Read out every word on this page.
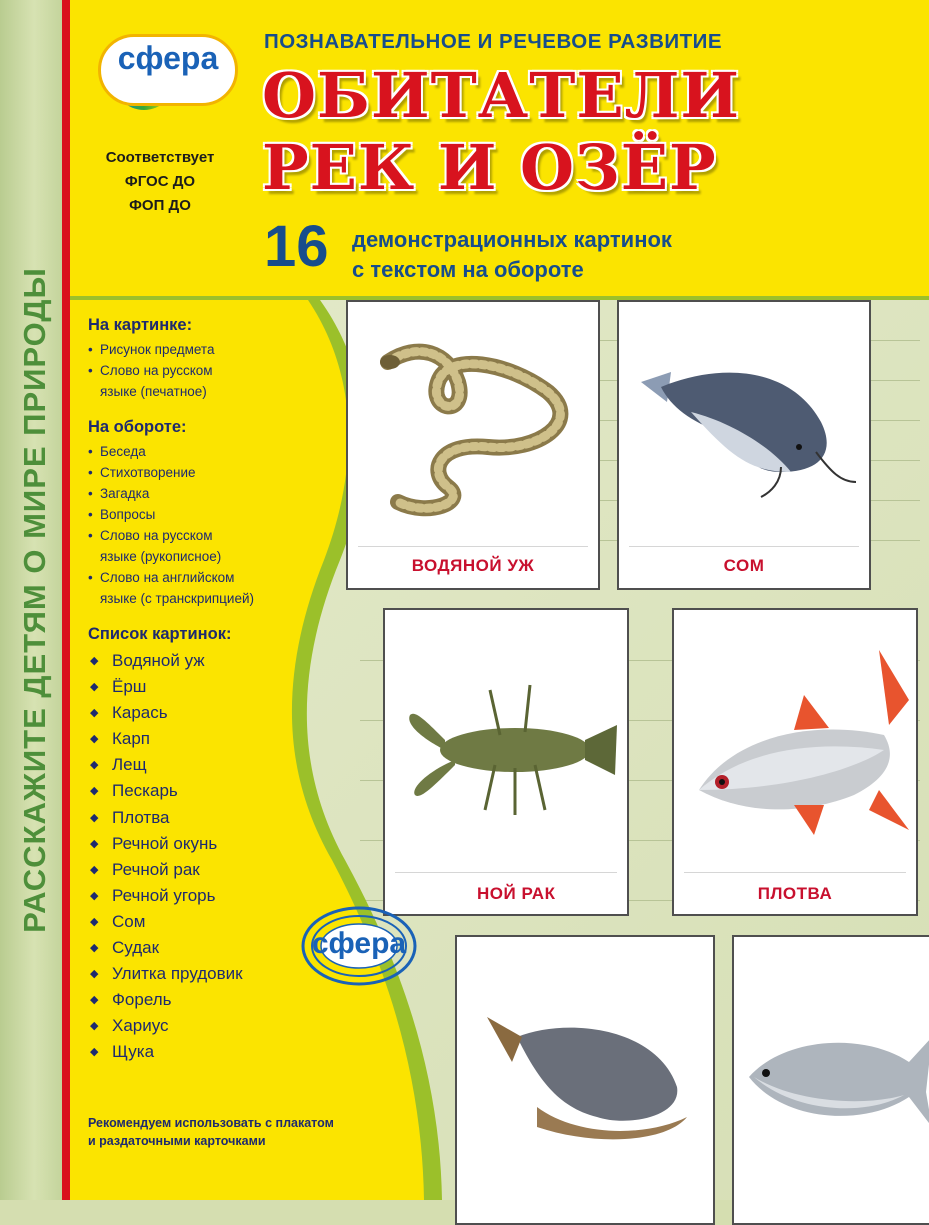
РАССКАЖИТЕ ДЕТЯМ О МИРЕ ПРИРОДЫ
сфера
КАРТИНОК
Соответствует
ФГОС ДО
ФОП ДО
ПОЗНАВАТЕЛЬНОЕ И РЕЧЕВОЕ РАЗВИТИЕ
ОБИТАТЕЛИ
РЕК И ОЗЁР
16 демонстрационных картинок
с текстом на обороте
На картинке:
• Рисунок предмета
• Слово на русском
языке (печатное)
На обороте:
• Беседа
• Стихотворение
• Загадка
• Вопросы
• Слово на русском
языке (рукописное)
• Слово на английском
языке (с транскрипцией)
Список картинок:
◆ Водяной уж
◆ Ёрш
◆ Карась
◆ Карп
◆ Лещ
◆ Пескарь
◆ Плотва
◆ Речной окунь
◆ Речной рак
◆ Речной угорь
◆ Сом
◆ Судак
◆ Улитка прудовик
◆ Форель
◆ Хариус
◆ Щука
Рекомендуем использовать с плакатом
и раздаточными карточками
ВОДЯНОЙ УЖ	СОМ
НОЙ РАК	ПЛОТВА
сфера
